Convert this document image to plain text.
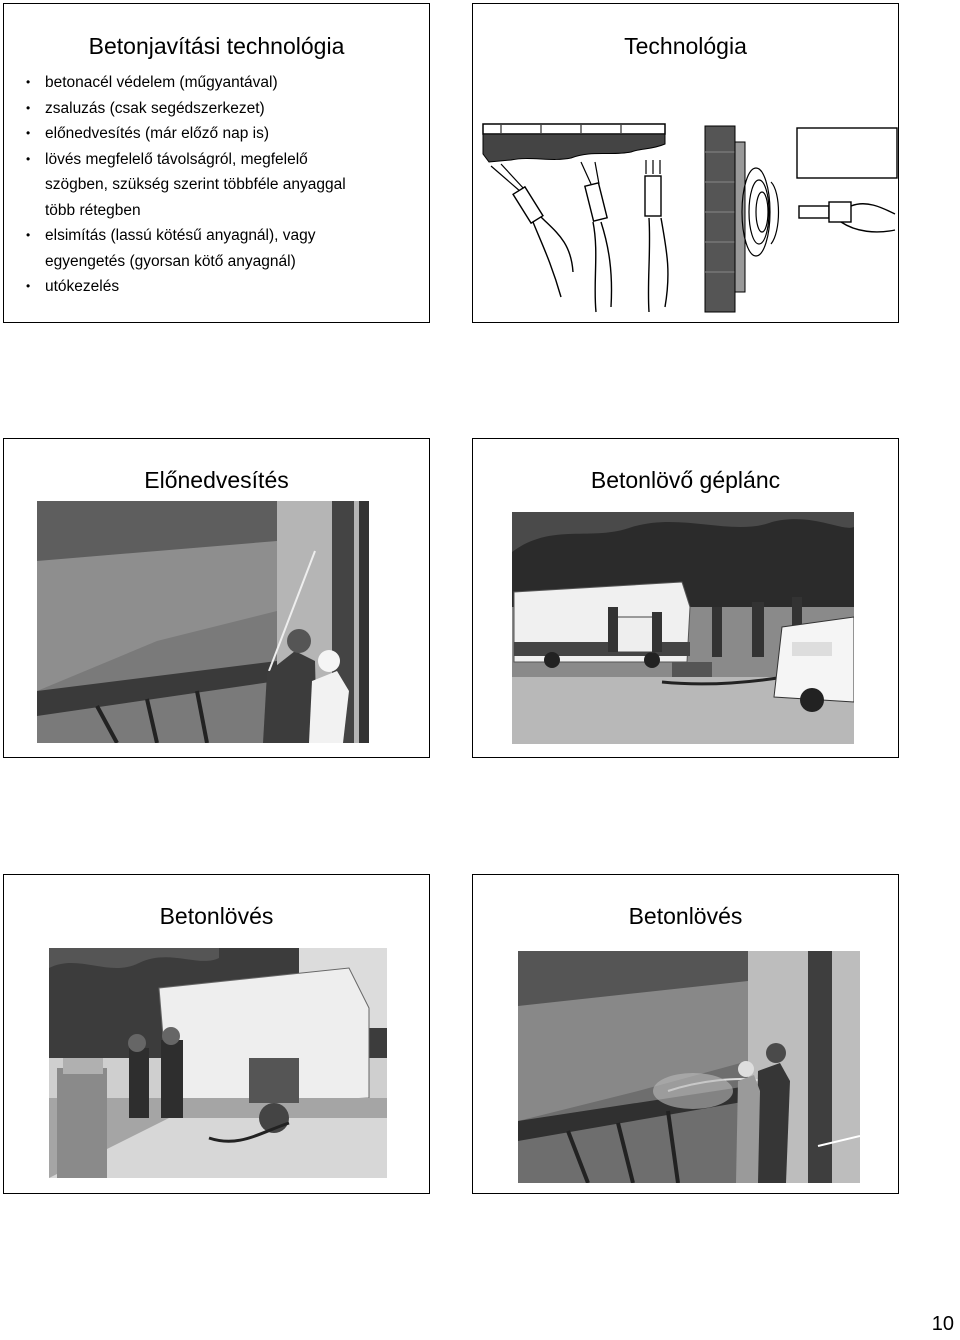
Betonjavítási technológia
• betonacél védelem (műgyantával)
• zsaluzás (csak segédszerkezet)
• előnedvesítés (már előző nap is)
• lövés megfelelő távolságról, megfelelő szögben, szükség szerint többféle anyaggal több rétegben
• elsimítás (lassú kötésű anyagnál), vagy egyengetés (gyorsan kötő anyagnál)
• utókezelés
Technológia
Előnedvesítés	Betonlövő géplánc
Betonlövés	Betonlövés
10
